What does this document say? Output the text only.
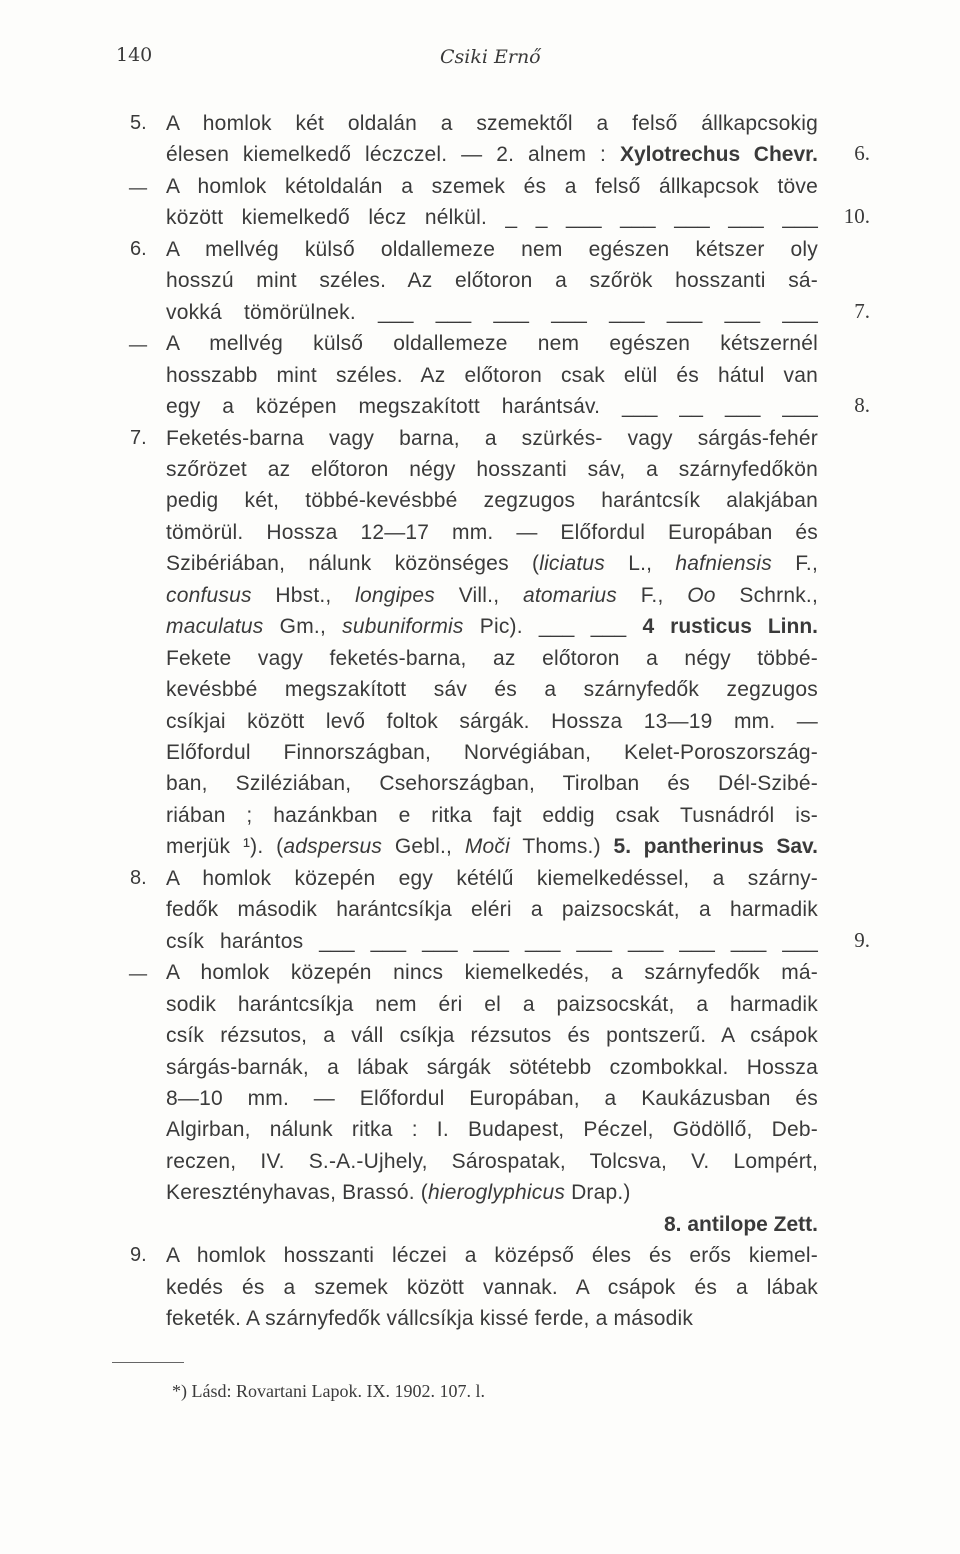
140	Csiki Ernő
5. A homlok két oldalán a szemektől a felső állkapcsokig
élesen kiemelkedő léczczel. — 2. alnem : Xylotrechus Chevr.	6.
— A homlok kétoldalán a szemek és a felső állkapcsok töve
között kiemelkedő lécz nélkül. _ _ ___ ___ ___ ___ ___	10.
6. A mellvég külső oldallemeze nem egészen kétszer oly
hosszú mint széles. Az előtoron a szőrök hosszanti sá-
vokká tömörülnek. ___ ___ ___ ___ ___ ___ ___ ___	7.
— A mellvég külső oldallemeze nem egészen kétszernél
hosszabb mint széles. Az előtoron csak elül és hátul van
egy a középen megszakított harántsáv. ___ __ ___ ___	8.
7. Feketés-barna vagy barna, a szürkés- vagy sárgás-fehér
szőrözet az előtoron négy hosszanti sáv, a szárnyfedőkön
pedig két, többé-kevésbbé zegzugos harántcsík alakjában
tömörül. Hossza 12—17 mm. — Előfordul Europában és
Szibériában, nálunk közönséges (liciatus L., hafniensis F.,
confusus Hbst., longipes Vill., atomarius F., Oo Schrnk.,
maculatus Gm., subuniformis Pic). ___ ___ 4 rusticus Linn.
Fekete vagy feketés-barna, az előtoron a négy többé-
kevésbbé megszakított sáv és a szárnyfedők zegzugos
csíkjai között levő foltok sárgák. Hossza 13—19 mm. —
Előfordul Finnországban, Norvégiában, Kelet-Poroszország-
ban, Sziléziában, Csehországban, Tirolban és Dél-Szibé-
riában ; hazánkban e ritka fajt eddig csak Tusnádról is-
merjük ¹). (adspersus Gebl., Moči Thoms.) 5. pantherinus Sav.
8. A homlok közepén egy kétélű kiemelkedéssel, a szárny-
fedők második harántcsíkja eléri a paizsocskát, a harmadik
csík harántos ___ ___ ___ ___ ___ ___ ___ ___ ___ ___	9.
— A homlok közepén nincs kiemelkedés, a szárnyfedők má-
sodik harántcsíkja nem éri el a paizsocskát, a harmadik
csík rézsutos, a váll csíkja rézsutos és pontszerű. A csápok
sárgás-barnák, a lábak sárgák sötétebb czombokkal. Hossza
8—10 mm. — Előfordul Europában, a Kaukázusban és
Algirban, nálunk ritka : I. Budapest, Péczel, Gödöllő, Deb-
reczen, IV. S.-A.-Ujhely, Sárospatak, Tolcsva, V. Lompért,
Keresztényhavas, Brassó. (hieroglyphicus Drap.)
8. antilope Zett.
9. A homlok hosszanti léczei a középső éles és erős kiemel-
kedés és a szemek között vannak. A csápok és a lábak
feketék. A szárnyfedők vállcsíkja kissé ferde, a második
*) Lásd: Rovartani Lapok. IX. 1902. 107. l.
